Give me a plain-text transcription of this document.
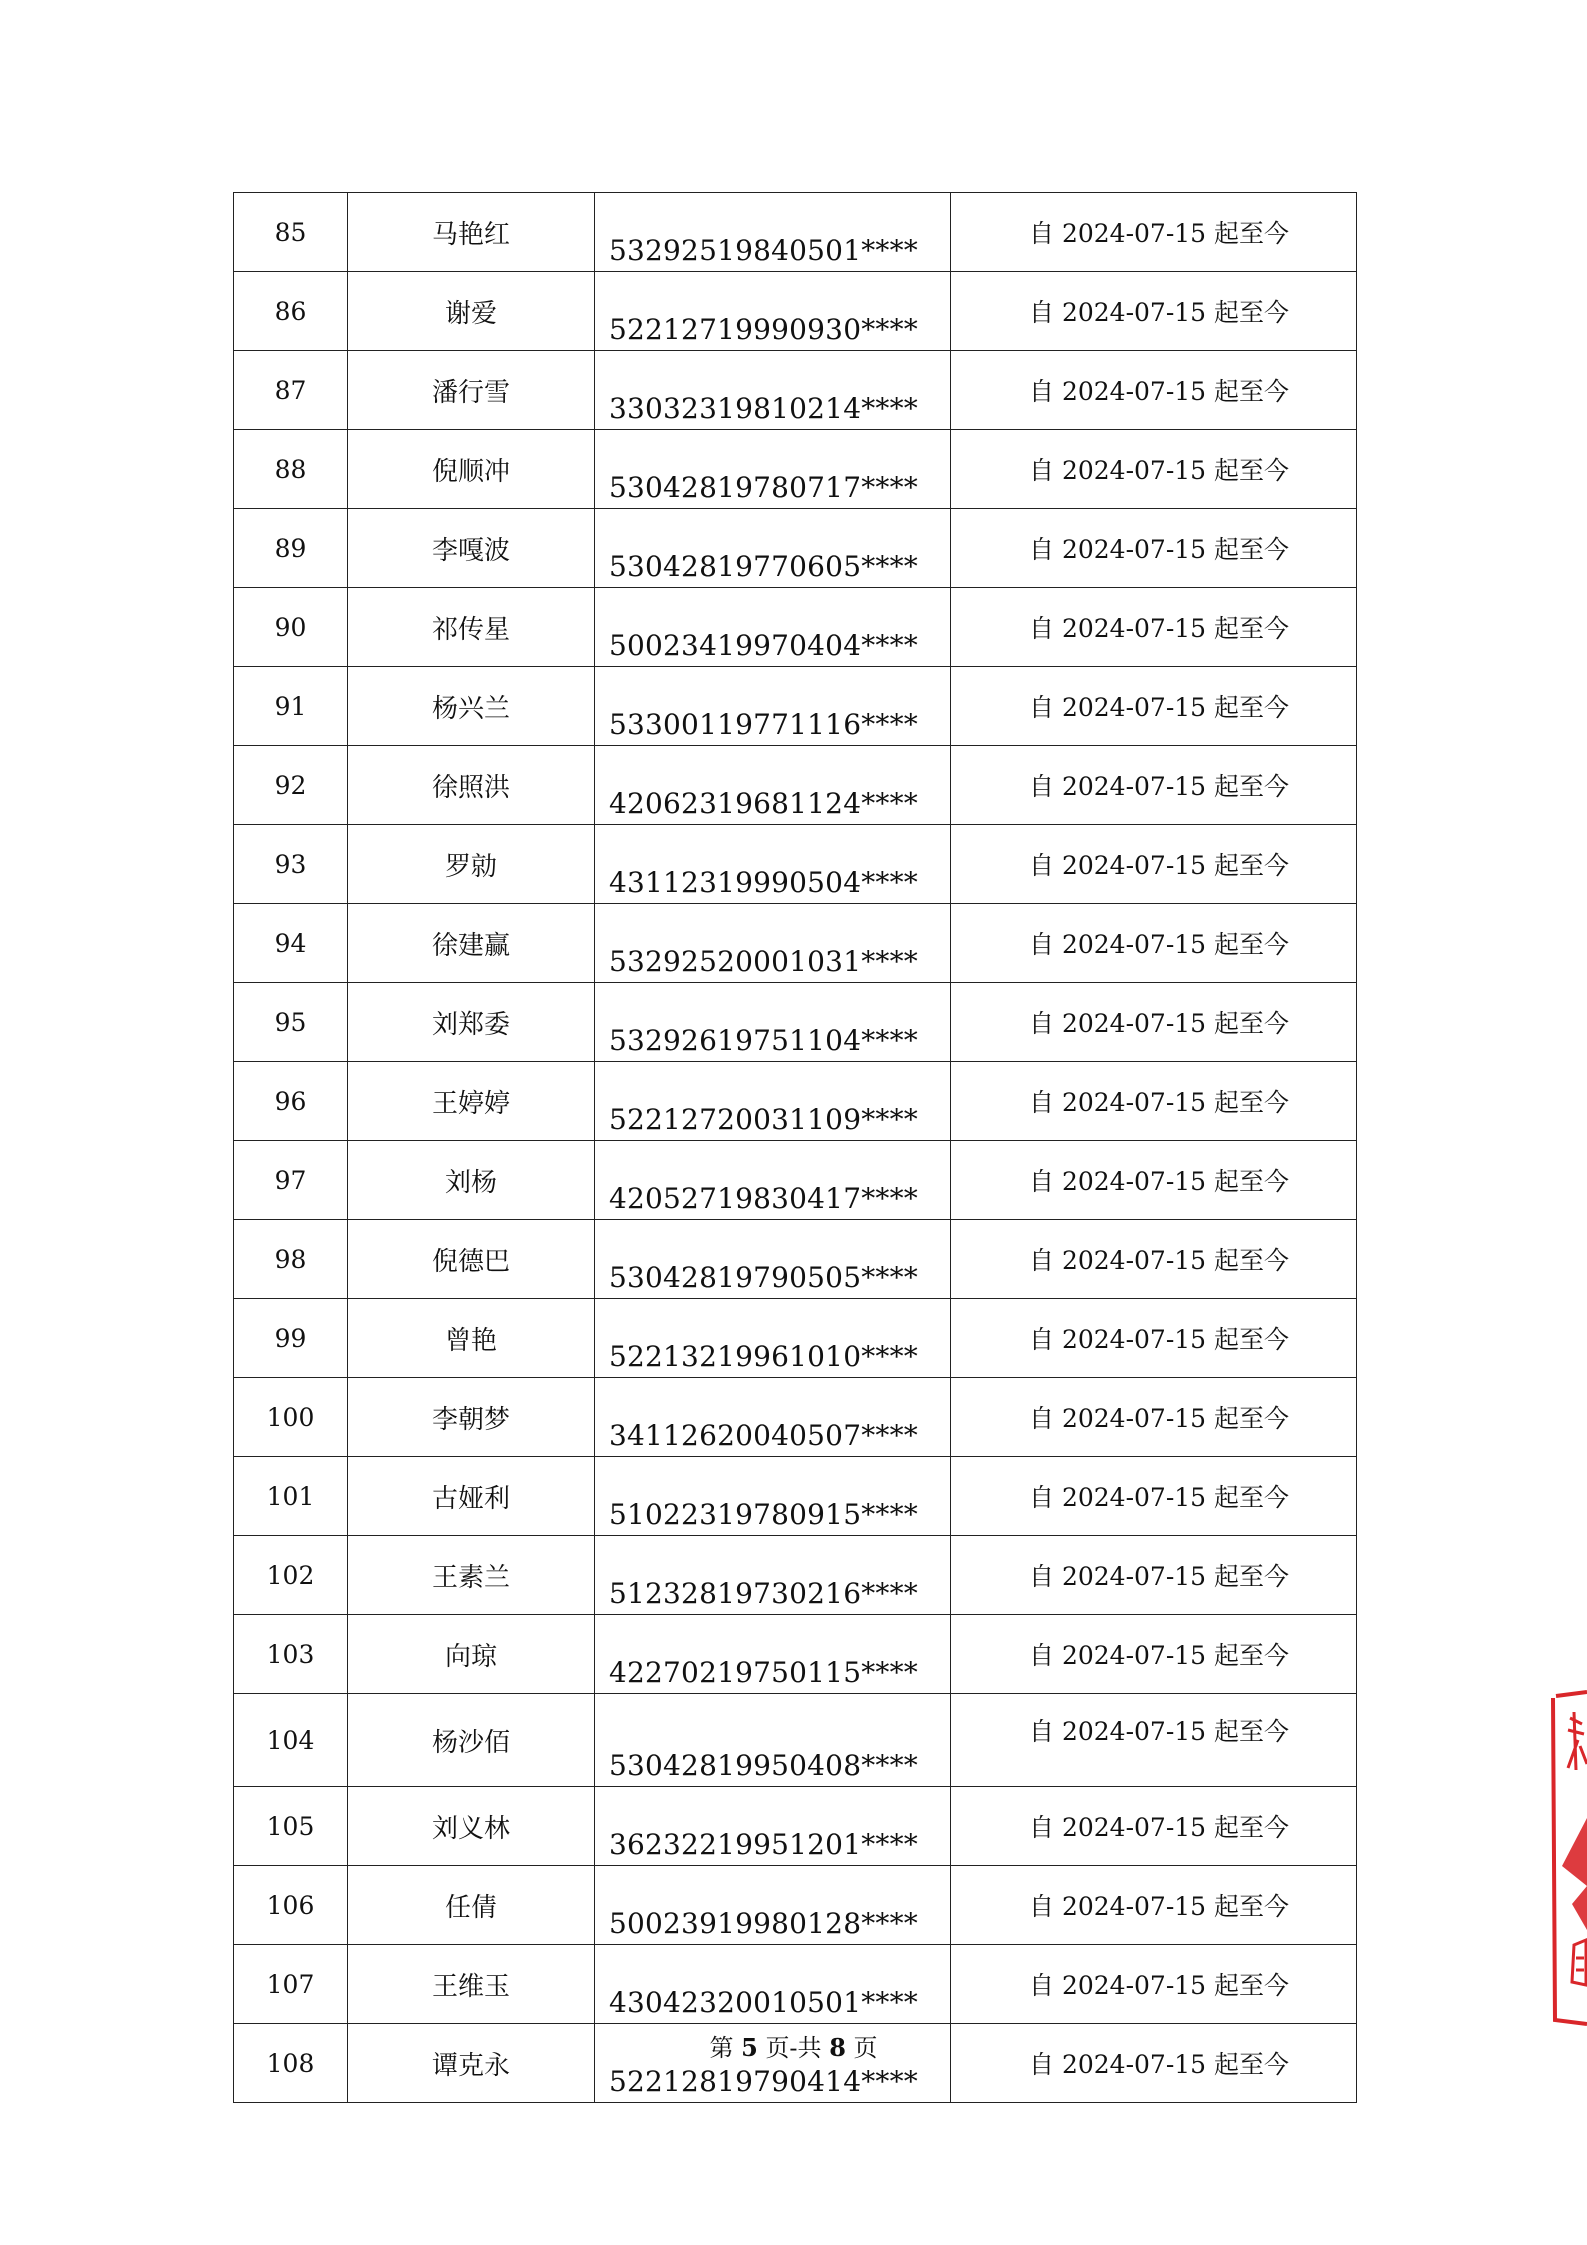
85	马艳红	53292519840501****	自 2024-07-15 起至今
86	谢爱	52212719990930****	自 2024-07-15 起至今
87	潘行雪	33032319810214****	自 2024-07-15 起至今
88	倪顺冲	53042819780717****	自 2024-07-15 起至今
89	李嘎波	53042819770605****	自 2024-07-15 起至今
90	祁传星	50023419970404****	自 2024-07-15 起至今
91	杨兴兰	53300119771116****	自 2024-07-15 起至今
92	徐照洪	42062319681124****	自 2024-07-15 起至今
93	罗勍	43112319990504****	自 2024-07-15 起至今
94	徐建赢	53292520001031****	自 2024-07-15 起至今
95	刘郑委	53292619751104****	自 2024-07-15 起至今
96	王婷婷	52212720031109****	自 2024-07-15 起至今
97	刘杨	42052719830417****	自 2024-07-15 起至今
98	倪德巴	53042819790505****	自 2024-07-15 起至今
99	曾艳	52213219961010****	自 2024-07-15 起至今
100	李朝梦	34112620040507****	自 2024-07-15 起至今
101	古娅利	51022319780915****	自 2024-07-15 起至今
102	王素兰	51232819730216****	自 2024-07-15 起至今
103	向琼	42270219750115****	自 2024-07-15 起至今
104	杨沙佰	53042819950408****	自 2024-07-15 起至今
105	刘义林	36232219951201****	自 2024-07-15 起至今
106	任倩	50023919980128****	自 2024-07-15 起至今
107	王维玉	43042320010501****	自 2024-07-15 起至今
108	谭克永	52212819790414****	自 2024-07-15 起至今
第 5 页-共 8 页
